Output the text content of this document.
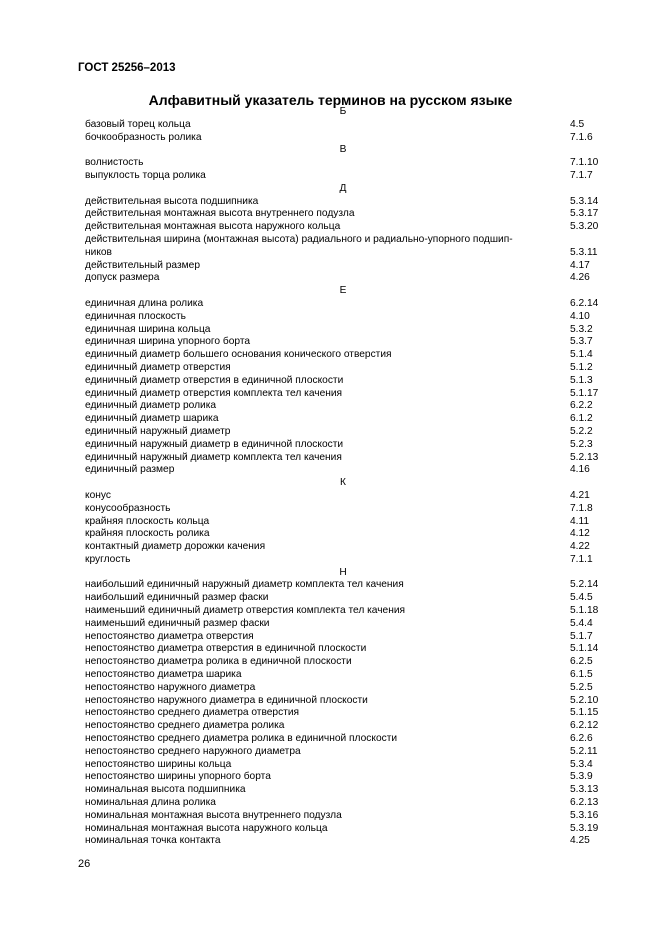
ГОСТ 25256–2013
Алфавитный указатель терминов на русском языке
Б
базовый торец кольца	4.5
бочкообразность ролика	7.1.6
В
волнистость	7.1.10
выпуклость торца ролика	7.1.7
Д
действительная высота подшипника	5.3.14
действительная монтажная высота внутреннего подузла	5.3.17
действительная монтажная высота наружного кольца	5.3.20
действительная ширина (монтажная высота) радиального и радиально-упорного подшип-
ников	5.3.11
действительный размер	4.17
допуск размера	4.26
Е
единичная длина ролика	6.2.14
единичная плоскость	4.10
единичная ширина кольца	5.3.2
единичная ширина упорного борта	5.3.7
единичный диаметр большего основания конического отверстия	5.1.4
единичный диаметр отверстия	5.1.2
единичный диаметр отверстия в единичной плоскости	5.1.3
единичный диаметр отверстия комплекта тел качения	5.1.17
единичный диаметр ролика	6.2.2
единичный диаметр шарика	6.1.2
единичный наружный диаметр	5.2.2
единичный наружный диаметр в единичной плоскости	5.2.3
единичный наружный диаметр комплекта тел качения	5.2.13
единичный размер	4.16
К
конус	4.21
конусообразность	7.1.8
крайняя плоскость кольца	4.11
крайняя плоскость ролика	4.12
контактный диаметр дорожки качения	4.22
круглость	7.1.1
Н
наибольший единичный наружный диаметр комплекта тел качения	5.2.14
наибольший единичный размер фаски	5.4.5
наименьший единичный диаметр отверстия комплекта тел качения	5.1.18
наименьший единичный размер фаски	5.4.4
непостоянство диаметра отверстия	5.1.7
непостоянство диаметра отверстия в единичной плоскости	5.1.14
непостоянство диаметра ролика в единичной плоскости	6.2.5
непостоянство диаметра шарика	6.1.5
непостоянство наружного диаметра	5.2.5
непостоянство наружного диаметра в единичной плоскости	5.2.10
непостоянство среднего диаметра отверстия	5.1.15
непостоянство среднего диаметра ролика	6.2.12
непостоянство среднего диаметра ролика в единичной плоскости	6.2.6
непостоянство среднего наружного диаметра	5.2.11
непостоянство ширины кольца	5.3.4
непостоянство ширины упорного борта	5.3.9
номинальная высота подшипника	5.3.13
номинальная длина ролика	6.2.13
номинальная монтажная высота внутреннего подузла	5.3.16
номинальная монтажная высота наружного кольца	5.3.19
номинальная точка контакта	4.25
26
